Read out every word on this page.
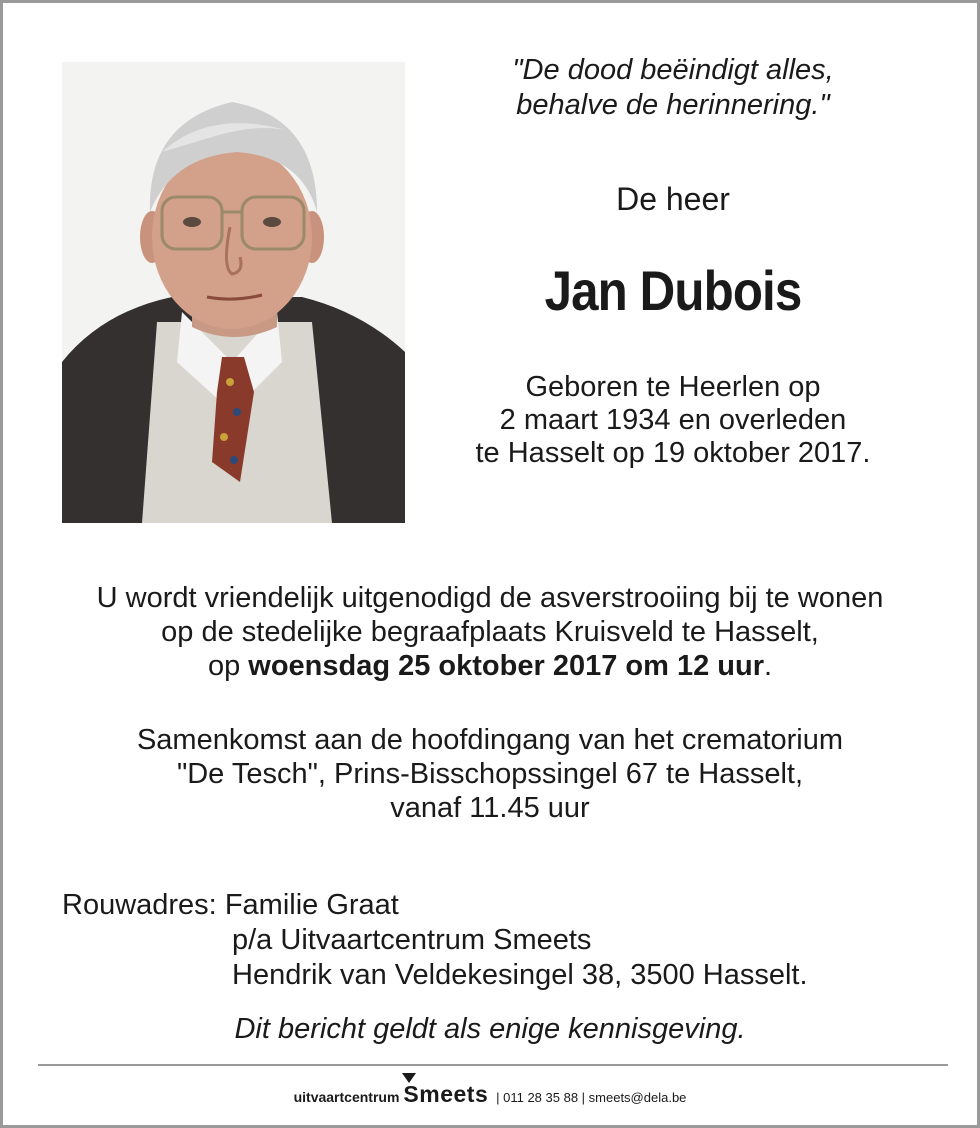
"De dood beëindigt alles,
behalve de herinnering."

De heer

Jan Dubois

Geboren te Heerlen op
2 maart 1934 en overleden
te Hasselt op 19 oktober 2017.

U wordt vriendelijk uitgenodigd de asverstrooiing bij te wonen
op de stedelijke begraafplaats Kruisveld te Hasselt,
op woensdag 25 oktober 2017 om 12 uur.
Samenkomst aan de hoofdingang van het crematorium
"De Tesch", Prins-Bisschopssingel 67 te Hasselt,
vanaf 11.45 uur
Rouwadres: Familie Graat
p/a Uitvaartcentrum Smeets
Hendrik van Veldekesingel 38, 3500 Hasselt.
Dit bericht geldt als enige kennisgeving.
uitvaartcentrum Smeets | 011 28 35 88 | smeets@dela.be
